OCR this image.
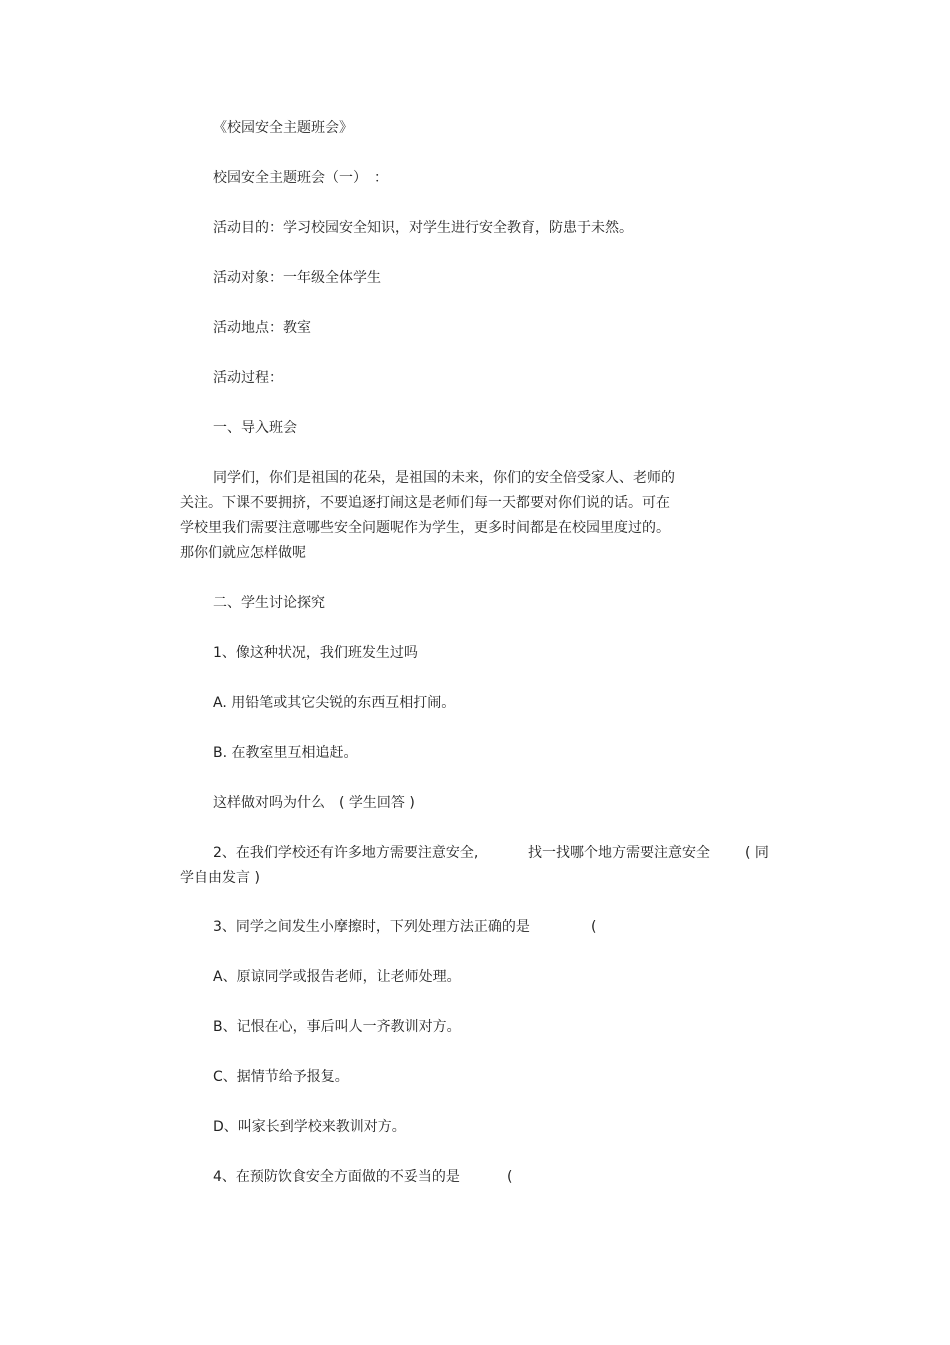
《校园安全主题班会》
校园安全主题班会（一）　：
活动目的：学习校园安全知识，对学生进行安全教育，防患于未然。
活动对象：一年级全体学生
活动地点：教室
活动过程：
一、导入班会
同学们，你们是祖国的花朵，是祖国的未来，你们的安全倍受家人、老师的
关注。下课不要拥挤，不要追逐打闹这是老师们每一天都要对你们说的话。可在
学校里我们需要注意哪些安全问题呢作为学生，更多时间都是在校园里度过的。
那你们就应怎样做呢
二、学生讨论探究
1、像这种状况，我们班发生过吗
A. 用铅笔或其它尖锐的东西互相打闹。
B. 在教室里互相追赶。
这样做对吗为什么　( 学生回答 )
2、在我们学校还有许多地方需要注意安全,	找一找哪个地方需要注意安全	( 同
学自由发言 )
3、同学之间发生小摩擦时，下列处理方法正确的是	(
A、原谅同学或报告老师，让老师处理。
B、记恨在心，事后叫人一齐教训对方。
C、据情节给予报复。
D、叫家长到学校来教训对方。
4、在预防饮食安全方面做的不妥当的是	(
